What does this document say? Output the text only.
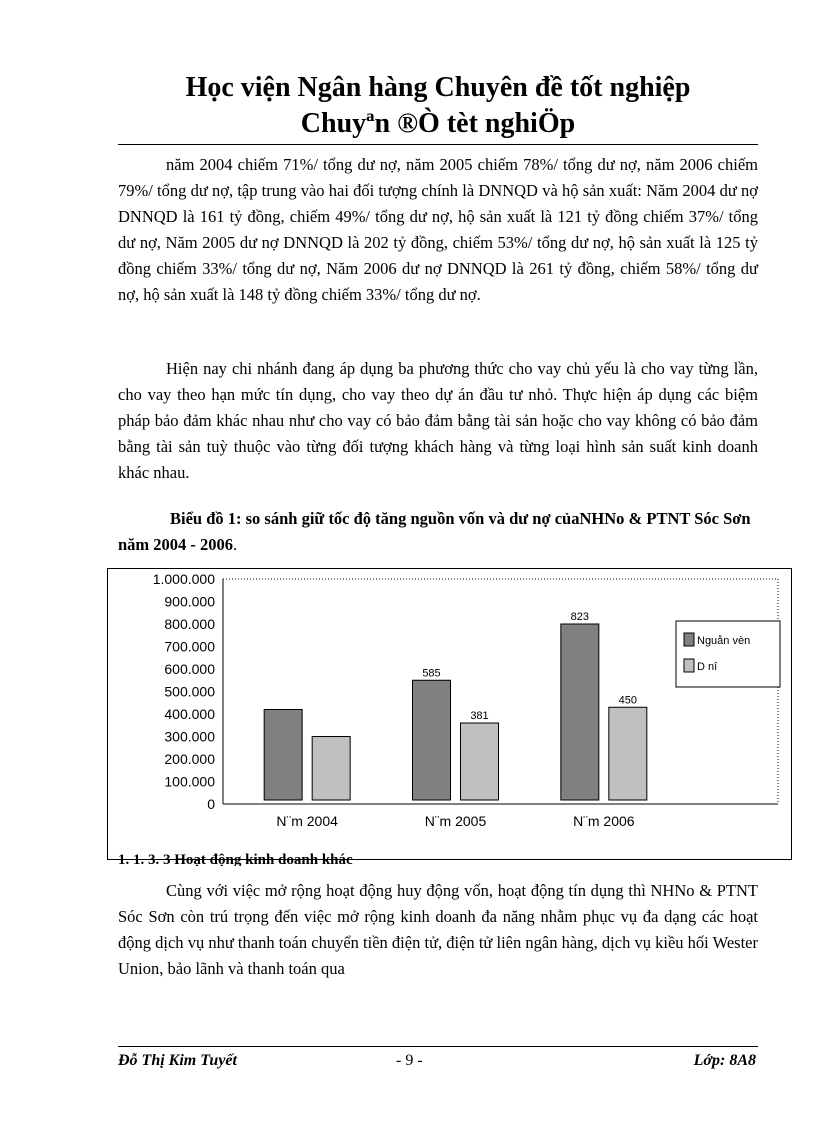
Học viện Ngân hàng Chuyên đề tốt nghiệp
Chuyªn ®Ò tèt nghiÖp

năm 2004 chiếm 71%/ tổng dư nợ, năm 2005 chiếm 78%/ tổng dư nợ, năm 2006 chiếm 79%/ tổng dư nợ, tập trung vào hai đối tượng chính là DNNQD và hộ sản xuất: Năm 2004 dư nợ DNNQD là 161 tỷ đồng, chiếm 49%/ tổng dư nợ, hộ sản xuất là 121 tỷ đồng chiếm 37%/ tổng dư nợ, Năm 2005 dư nợ DNNQD là 202 tỷ đồng, chiếm 53%/ tổng dư nợ, hộ sản xuất là 125 tỷ đồng chiếm 33%/ tổng dư nợ, Năm 2006 dư nợ DNNQD là 261 tỷ đồng, chiếm 58%/ tổng dư nợ, hộ sản xuất là 148 tỷ đồng chiếm 33%/ tổng dư nợ.

Hiện nay chi nhánh đang áp dụng ba phương thức cho vay chủ yếu là cho vay từng lần, cho vay theo hạn mức tín dụng, cho vay theo dự án đầu tư nhỏ. Thực hiện áp dụng các biệm pháp bảo đảm khác nhau như cho vay có bảo đảm bằng tài sản hoặc cho vay không có bảo đảm bằng tài sản tuỳ thuộc vào từng đối tượng khách hàng và từng loại hình sản suất kinh doanh khác nhau.

Biểu đồ 1: so sánh giữ tốc độ tăng nguồn vốn và dư nợ củaNHNo & PTNT Sóc Sơn năm 2004 - 2006.

1.000.000
900.000
800.000
700.000
600.000
500.000
400.000
300.000
200.000
100.000
0
N¨m 2004
585
381
N¨m 2005
823
450
N¨m 2006
Nguån vèn
D nî
1. 1. 3. 3 Hoạt động kinh doanh khác

Cùng với việc mở rộng hoạt động huy động vốn, hoạt động tín dụng thì NHNo & PTNT Sóc Sơn còn trú trọng đến việc mở rộng kinh doanh đa năng nhằm phục vụ đa dạng các hoạt động dịch vụ như thanh toán chuyển tiền điện tử, điện tử liên ngân hàng, dịch vụ kiều hối Wester Union, bảo lãnh và thanh toán qua

Đỗ Thị Kim Tuyết	- 9 -	Lớp: 8A8
